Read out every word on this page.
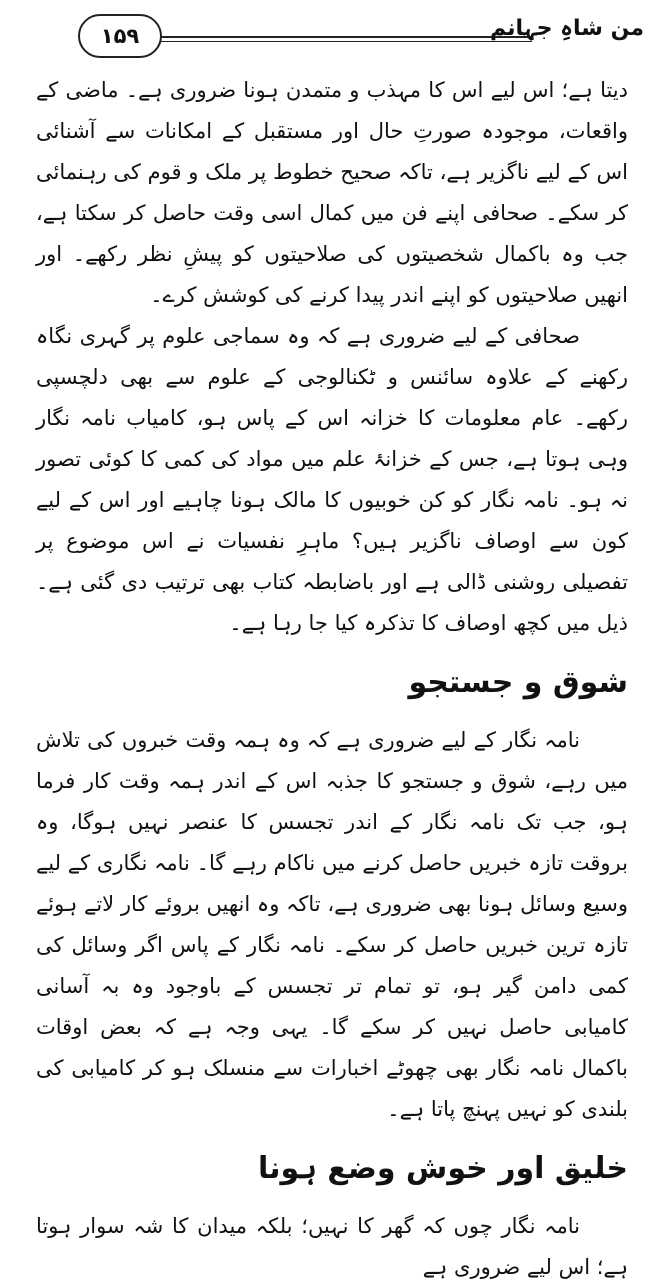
۱۵۹	من شاہِ جہانم

دیتا ہے؛ اس لیے اس کا مہذب و متمدن ہونا ضروری ہے۔ ماضی کے واقعات، موجودہ صورتِ حال اور مستقبل کے امکانات سے آشنائی اس کے لیے ناگزیر ہے، تاکہ صحیح خطوط پر ملک و قوم کی رہنمائی کر سکے۔ صحافی اپنے فن میں کمال اسی وقت حاصل کر سکتا ہے، جب وہ باکمال شخصیتوں کی صلاحیتوں کو پیشِ نظر رکھے۔ اور انھیں صلاحیتوں کو اپنے اندر پیدا کرنے کی کوشش کرے۔

صحافی کے لیے ضروری ہے کہ وہ سماجی علوم پر گہری نگاہ رکھنے کے علاوہ سائنس و ٹکنالوجی کے علوم سے بھی دلچسپی رکھے۔ عام معلومات کا خزانہ اس کے پاس ہو، کامیاب نامہ نگار وہی ہوتا ہے، جس کے خزانۂ علم میں مواد کی کمی کا کوئی تصور نہ ہو۔ نامہ نگار کو کن خوبیوں کا مالک ہونا چاہیے اور اس کے لیے کون سے اوصاف ناگزیر ہیں؟ ماہرِ نفسیات نے اس موضوع پر تفصیلی روشنی ڈالی ہے اور باضابطہ کتاب بھی ترتیب دی گئی ہے۔ ذیل میں کچھ اوصاف کا تذکرہ کیا جا رہا ہے۔

شوق و جستجو

نامہ نگار کے لیے ضروری ہے کہ وہ ہمہ وقت خبروں کی تلاش میں رہے، شوق و جستجو کا جذبہ اس کے اندر ہمہ وقت کار فرما ہو، جب تک نامہ نگار کے اندر تجسس کا عنصر نہیں ہوگا، وہ بروقت تازہ خبریں حاصل کرنے میں ناکام رہے گا۔ نامہ نگاری کے لیے وسیع وسائل ہونا بھی ضروری ہے، تاکہ وہ انھیں بروئے کار لاتے ہوئے تازہ ترین خبریں حاصل کر سکے۔ نامہ نگار کے پاس اگر وسائل کی کمی دامن گیر ہو، تو تمام تر تجسس کے باوجود وہ بہ آسانی کامیابی حاصل نہیں کر سکے گا۔ یہی وجہ ہے کہ بعض اوقات باکمال نامہ نگار بھی چھوٹے اخبارات سے منسلک ہو کر کامیابی کی بلندی کو نہیں پہنچ پاتا ہے۔

خلیق اور خوش وضع ہونا

نامہ نگار چوں کہ گھر کا نہیں؛ بلکہ میدان کا شہ سوار ہوتا ہے؛ اس لیے ضروری ہے
